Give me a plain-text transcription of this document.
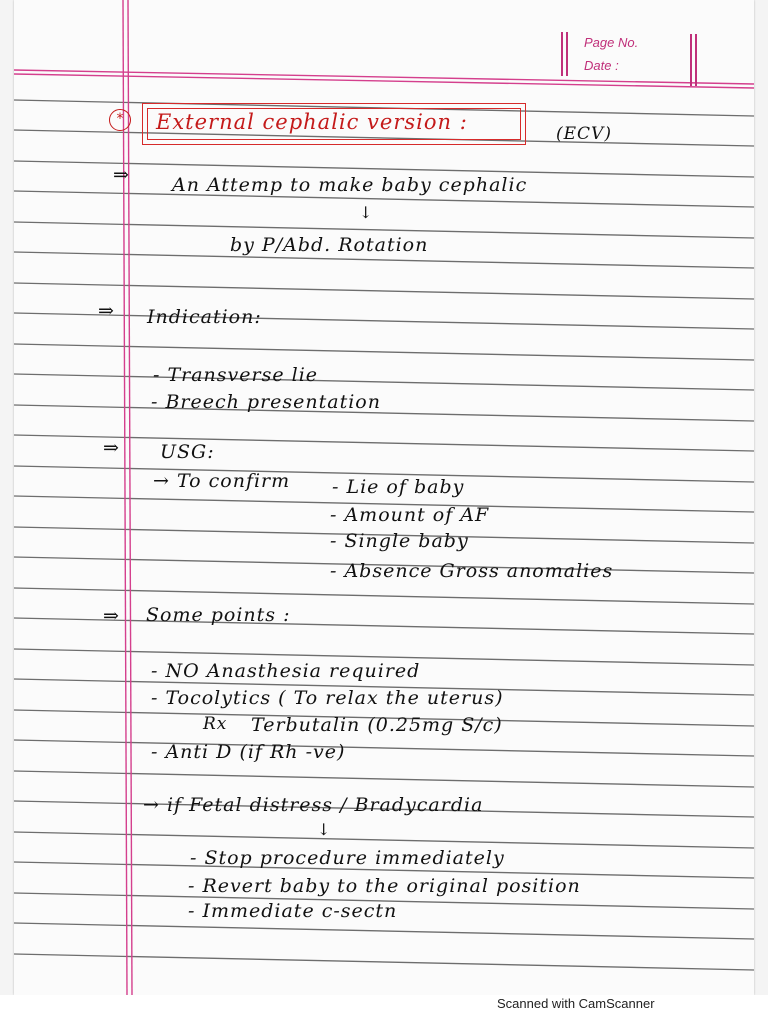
Page No.
Date :
*	External cephalic version :	(ECV)
⇒ An Attemp to make baby cephalic
↓
by P/Abd. Rotation
⇒ Indication:
- Transverse lie
- Breech presentation
⇒ USG:
→ To confirm - Lie of baby
- Amount of AF
- Single baby
- Absence Gross anomalies
⇒ Some points :
- NO Anasthesia required
- Tocolytics ( To relax the uterus)
Rx Terbutalin (0.25mg S/c)
- Anti D (if Rh -ve)
→ if Fetal distress / Bradycardia
↓
- Stop procedure immediately
- Revert baby to the original position
- Immediate c-sectn
Scanned with CamScanner
